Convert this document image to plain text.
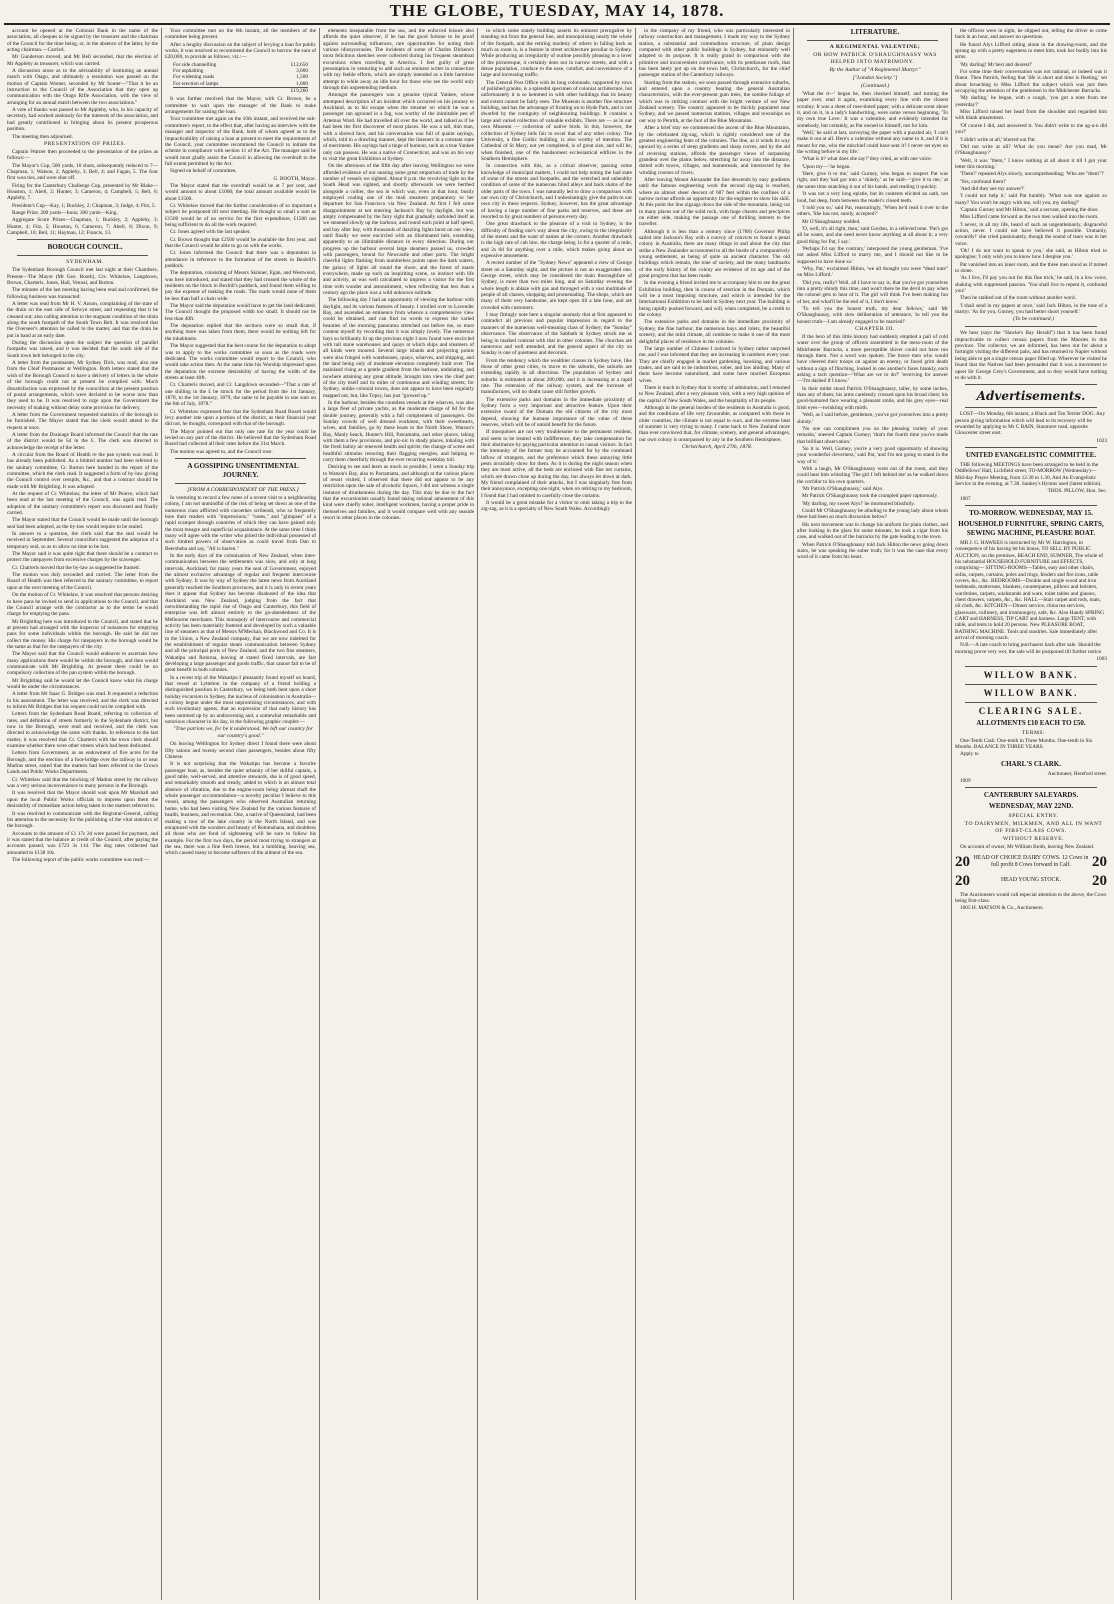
THE GLOBE, TUESDAY, MAY 14, 1878.

account be opened at the Colonial Bank in the name of the association, all cheques to be signed by the treasurer and the chairman of the Council for the time being, or, in the absence of the latter, by the acting chairman.—Carried.

Mr Gunderson moved, and Mr Bell seconded, that the election of Mr Appleby as treasurer, which was carried.

A discussion arose as to the advisability of instituting an annual match with Otago, and ultimately a resolution was passed on the motion of Captain Warner, seconded by Mr Souter—"That it be an instruction to the Council of the Association that they open up communication with the Otago Rifle Association, with the view of arranging for an annual match between the two associations."

A vote of thanks was passed to Mr Appleby, who, in his capacity of secretary, had worked zealously for the interests of the association, and had greatly contributed in bringing about its present prosperous position.

The meeting then adjourned.

PRESENTATION OF PRIZES.

Captain Warner then proceeded to the presentation of the prizes as follows:—

The Mayor's Cup, 500 yards, 10 shots, subsequently reduced to 7—Chapman, 1; Watson, 2; Appleby, 3; Bell, 4; and Fagan, 5. The four first won ties, and were shot off.

Firing for the Canterbury Challenge Cup, presented by Mr Blake—Houston, 1; Abell, 2; Hunter, 3; Cameron, 4; Campbell, 5; Bell, 6; Appleby, 7.

President's Cup—Kay, 1; Buckley, 2; Chapman, 3; Judge, 4; Fitz, 5.

Range Prize, 200 yards—Innis; 300 yards—King.

Aggregate Score Prizes—Chapman, 1; Buckley, 2; Appleby, 3; Hunter, 4; Fitz, 5; Houston, 6; Cameron, 7; Abell, 8; Dixon, 9; Campbell, 10; Bell, 11; Hayman, 12; Francis, 13.

BOROUGH COUNCIL.

SYDENHAM.

The Sydenham Borough Council met last night at their Chambers. Present—The Mayor (Mr Geo. Booth), Crs. Whitelaw, Langdown, Brown, Charteris, Jones, Hall, Vennal, and Burton.

The minutes of the last meeting having been read and confirmed, the following business was transacted:

A letter was read from Mr H. V. Anson, complaining of the state of the drain on the east side of Selwyn street, and requesting that it be cleaned out; also calling attention to the stagnant condition of the drain along the south footpath of the South Town Belt. It was resolved that the Overseer's attention be called to the matter, and that the drain be put in hand at an early date.

During the discussion upon the subject the question of parallel footpaths was raised, and it was decided that the south side of the South town belt belonged to the city.

A letter from the postmaster, Mr Sydney Dick, was read, also one from the Chief Postmaster at Wellington. Both letters stated that the wish of the Borough Council to have a delivery of letters in the whole of the borough could not at present be complied with. Much dissatisfaction was expressed by the councillors at the present position of postal arrangements, which were declared to be worse now than they used to be. It was resolved to urge upon the Government the necessity of making without delay some provision for delivery.

A letter from the Government requested statistics of the borough to be furnished. The Mayor stated that the clerk would attend to the request at once.

A letter from the Drainage Board informed the Council that the rate of the district would be 5d in the £. The clerk was directed to acknowledge the receipt of the letter.

A circular from the Board of Health re the pan system was read. It has already been published. As a limited number had been referred to the sanitary committee, Cr. Burton here handed in the report of the committee, which the clerk read. It suggested a form of by-law giving the Council control over cesspits, &c., and that a contract should be made with Mr Brightling. It was adopted.

At the request of Cr. Whitelaw, the letter of Mr Pearce, which had been read at the last meeting of the Council, was again read. The adoption of the sanitary committee's report was discussed and finally carried.

The Mayor stated that the Council would be made until the borough seal had been adopted, as the by-law would require to be sealed.

In answer to a question, the clerk said that the seal would be received in September. Several councillors suggested the adoption of a temporary seal, so as to allow no time to be lost.

The Mayor said it was quite right that there should be a contract to protect the ratepayers from excessive charges by the scavenger.

Cr. Charteris moved that the by-law as suggested be framed.

The motion was duly seconded and carried. The letter from the Board of Health was then referred to the sanitary committee, to report upon at the next meeting of the Council.

On the motion of Cr. Whitelaw, it was resolved that persons desiring to have pans be invited to send in applications to the Council, and that the Council arrange with the contractor as to the terms he would charge for emptying the pans.

Mr Brightling here was introduced to the Council, and stated that he at present had arranged with the inspector of nuisances for emptying pans for some individuals within the borough. He said he did not collect the money. His charge for ratepayers in the borough would be the same as that for the ratepayers of the city.

The Mayor said that the Council would endeavor to ascertain how many applications there would be within the borough, and then would communicate with Mr Brightling. At present there could be no compulsory collection of the pan system within the borough.

Mr Brightling said he would let the Council know what his charge would be under the circumstances.

A letter from Mr Isaac G. Bridges was read. It requested a reduction in his assessment. The letter was received, and the clerk was directed to inform Mr Bridges that his request could not be complied with.

Letters from the Sydenham Road Board, referring to collection of rates, and definition of streets formerly in the Sydenham district, but now in the Borough, were read and received, and the clerk was directed to acknowledge the same with thanks. In reference to the last matter, it was resolved that Cr. Charteris with the town clerk should examine whether there were other streets which had been dedicated.

Letters from Government, as an endowment of five acres for the Borough, and the erection of a foot-bridge over the railway in or near Madras street, stated that the matters had been referred to the Crown Lands and Public Works Departments.

Cr. Whitelaw said that the blocking of Madras street by the railway was a very serious inconvenience to many persons in the Borough.

It was resolved that the Mayor should wait upon Mr Marshall and upon the local Public Works officials to impress upon them the desirability of immediate action being taken in the matters referred to.

It was resolved to communicate with the Registrar-General, calling his attention to the necessity for the publishing of the vital statistics of the borough.

Accounts to the amount of £1 17s 2d were passed for payment, and it was stated that the balance at credit of the Council, after paying the accounts passed, was £723 3s 11d. The dog rates collected had amounted to £138 10s.

The following report of the public works committee was read:—

Your committee met on the 6th instant, all the members of the committee being present.

After a lengthy discussion on the subject of levying a loan for public works, it was resolved to recommend the Council to borrow the sum of £20,000, to provide as follows, viz.:—

For side channelling	£12,650
For asphalting	3,000
For widening roads	1,500
For erection of lamps	1,000
£19,260

It was further resolved that the Mayor, with Cr. Brown, be a committee to wait upon the manager of the Bank to make arrangements for raising the loan.

Your committee met again on the 10th instant, and received the sub-committee's report, to the effect that, after having an interview with the manager and inspector of the Bank, both of whom agreed as to the impracticability of raising a loan at present to meet the requirements of the Council, your committee recommend the Council to initiate the scheme in compliance with section 11 of the Act. The manager said he would most gladly assist the Council in allowing the overdraft to the full extent permitted by the Act.

Signed on behalf of committee,

G. BOOTH, Mayor.

The Mayor stated that the overdraft would be at 7 per cent, and would amount to about £1000; the total amount available would be about £1500.

Cr. Whitelaw moved that the further consideration of so important a subject be postponed till next meeting. He thought so small a sum as £1500 would be of no service for the first expenditure, £1500 not being sufficient to do all the work required.

Cr. Jones agreed with the last speaker.

Cr. Brown thought that £2500 would be available the first year, and that the Council would be able to go on with the works.

Cr. Jones informed the Council that there was a deputation in attendance in reference to the formation of the streets in Bealeill's paddock.

The deputation, consisting of Messrs Skinner, Egan, and Westwood, was here introduced, and stated that they had crossed the whole of the residents on the block in Bexhill's paddock, and found them willing to pay the expense of making the roads. The roads would none of them be less than half a chain wide.

The Mayor said the deputation would have to get the land dedicated. The Council thought the proposed width too small. It should not be less than 40ft.

The deputation replied that the sections were so small that, if anything more was taken from them, there would be nothing left for the inhabitants.

The Mayor suggested that the best course for the deputation to adopt was to apply to the works committee so soon as the roads were dedicated. The works committee would report to the Council, who would take action then. At the same time his Worship impressed upon the deputation the extreme desirability of having the width of the streets at least 40ft.

Cr. Charteris moved, and Cr. Langdown seconded—"That a rate of one shilling in the £ be struck for the period from the 1st January, 1878, to the 1st January, 1879, the same to be payable in one sum on the 6th of July, 1878."

Cr. Whitelaw expressed fear that the Sydenham Road Board would levy another rate upon a portion of the district, as their financial year did not, he thought, correspond with that of the borough.

The Mayor pointed out that only one rate for the year could be levied on any part of the district. He believed that the Sydenham Road Board had collected all their rates before the 31st March.

The motion was agreed to, and the Council rose.

A GOSSIPING UNSENTIMENTAL JOURNEY.

[FROM A CORRESPONDENT OF THE PRESS.]

In venturing to record a few notes of a recent visit to a neighbouring colony, I am not unmindful of the risk of being set down as one of the numerous class afflicted with cacoethes scribendi, who so frequently bore their readers with "impressions," "notes," and "glimpses" of a rapid scamper through countries of which they can have gained only the most meagre and superficial acquaintance. At the same time I think many will agree with the writer who pitied the individual possessed of such limited powers of observation as could travel from Dan to Beersheba and say, "All is barren."

In the early days of the colonisation of New Zealand, when inter-communication between the settlements was slow, and only at long intervals, Auckland, for many years the seat of Government, enjoyed the almost exclusive advantage of regular and frequent intercourse with Sydney. It was by way of Sydney the latest news from Auckland generally reached the Southern provinces, and it is only in recent years does it appear that Sydney has become disabused of the idea that Auckland was New Zealand, judging from the fact that notwithstanding the rapid rise of Otago and Canterbury, this field of enterprise was left almost entirely to the go-aheadedness of the Melbourne merchants. This monopoly of intercourse and commercial activity has been materially fostered and developed by such a valuable line of steamers as that of Messrs M'Meckan, Blackwood and Co. It is to the Union, a New Zealand company, that we are now indebted for the establishment of regular steam communication between Sydney and all the principal ports of New Zealand, and the two fine steamers, Wakatipu and Rotorua, leaving at stated fixed intervals, are fast developing a large passenger and goods traffic, that cannot fail to be of great benefit to both colonies.

In a recent trip of the Wakatipu I pleasantly found myself on board, that vessel at Lyttelton in the company of a friend holding a distinguished position in Canterbury, we being both bent upon a short holiday excursion to Sydney, the nucleus of colonisation in Australia—a colony begun under the most unpromising circumstances, and with such involuntary agents, that an expression of that early history has been summed up by an undiscerning and, a somewhat remarkable and notorious character in his day, in the following graphic couplet:—

"True patriots we, for be it understood, We left our country for our country's good."

On leaving Wellington for Sydney direct I found there were about fifty saloon and twenty second class passengers, besides about fifty Chinese.

It is not surprising that the Wakatipu has become a favorite passenger boat, as, besides the quiet urbanity of her skilful captain, a good table, well-served, and attentive stewards, she is of good speed, and remarkably smooth and steady, added to which is an almost total absence of vibration, due to the engine-room being abreast shaft the whole passenger accommodation—a novelty peculiar I believe to this vessel, among the passengers who observed Australian returning home, who had been visiting New Zealand for the various features of health, business, and recreation. One, a native of Queensland, had been making a tour of the lake country in the North Island, and was enraptured with the wonders and beauty of Rotomahana, and doubtless all those who are fond of sightseeing will be sure to follow his example. For the first two days, the period most trying to strangers at the sea, there was a fine fresh breeze, but a tumbling, heaving sea, which caused many to become sufferers of the ailment of the sea.

elements inseparable from the sea, and the enforced leisure also affords the quiet observer, if he has the good fortune to be proof against surrounding influences, rare opportunities for noting their various idiosyncrasies. The incidents of some of Charles Dickens's most felicitous sketches were collected during his frequent steamboat excursions when travelling in America. I feel guilty of great presumption in venturing to add such an eminent writer in connection with my feeble efforts, which are simply intended as a little harmless attempt to while away an idle hour for those who see the world only through this unpretending medium.

Amongst the passengers was a genuine typical Yankee, whose attempted description of an incident which occurred on his journey to Auckland, as to his escape when the steamer on which he was a passenger ran aground in a fog, was worthy of the inimitable pen of Artemus Ward. He had travelled all over the world, and talked as if he had been the first discoverer of most places. He was a tall, thin man, with a shrewd face, and his conversation was full of quaint sayings, which, told in a drawling manner, kept the listeners in a constant state of merriment. His sayings had a tinge of humour, such as a true Yankee only can possess. He was a native of Connecticut, and was on his way to visit the great Exhibition at Sydney.

On the afternoon of the fifth day after leaving Wellington we were afforded evidence of our nearing some great emporium of trade by the number of vessels we sighted. About 8 p.m. the revolving light on the South Head was sighted, and shortly afterwards we were berthed alongside a collier, the sea in which was, even at that hour, busily employed coaling one of the mail steamers preparatory to her departure for San Francisco via New Zealand. At first I felt some disappointment at not entering Jackson's Bay by daylight, but was amply compensated by the fairy sight that gradually unfolded itself as we steamed slowly up the harbour, and round each point at half speed, and bay after bay, with thousands of dazzling lights burst on our view, until finally we were encircled with an illuminated belt, extending apparently to an illimitable distance in every direction. During our progress up the harbour several large steamers passed us, crowded with passengers, bound for Newcastle and other ports. The bright cheerful lights flashing from numberless points upon the dark waters, the galaxy of lights all round the shore, and the forest of masts everywhere, made up such an inspiriting scene, so instinct with life and activity, as was well calculated to impress a visitor for the first time with wonder and astonishment, when reflecting that less than a century ago the place was a wild unknown solitude.

The following day I had an opportunity of viewing the harbour with daylight, and its various features of beauty. I strolled over to Lavender Bay, and ascended an eminence from whence a comprehensive view could be obtained, and can find no words to express the varied beauties of the morning panorama stretched out before me, so must content myself by recording that it was simply lovely. The numerous bays so brilliantly lit up the previous night I now found were encircled with tall stone warehouses and quays at which ships and steamers of all kinds were moored. Several large islands and projecting points were also fringed with warehouses, quays, wharves, and shipping, and the land being only of moderate elevation completely built over. The mainland rising at a gentle gradient from the harbour, undulating, and nowhere attaining any great altitude, brought into view the chief part of the city itself and its miles of continuous and winding streets; for Sydney, unlike colonial towns, does not appear to have been regularly mapped out, but, like Topsy, has just "growed up."

In the harbour, besides the countless vessels at the wharves, was also a large fleet of private yachts, as the moderate charge of 6d for the double journey, generally with a full complement of passengers. On Sunday crowds of well dressed workmen, with their sweethearts, wives, and families, go by these boats to the North Shore, Watson's Bay, Manly beach, Hunter's Hill, Parramatta, and other places, taking with them a few provisions, and pic-nic in shady places, inhaling with the fresh balmy air renewed health and spirits; the change of scene and healthful stimulus restoring their flagging energies, and helping to carry them cheerfully through the ever recurring weekday toil.

Desiring to see and learn as much as possible, I went a Sunday trip to Watson's Bay, also to Parramatta, and although at the various places of resort visited, I observed that there did not appear to be any restriction upon the sale of alcoholic liquors, I did not witness a single instance of drunkenness during the day. This may be due to the fact that the excursionists usually found taking rational amusement of this kind were chiefly sober, intelligent workmen, having a proper pride in themselves and families, and it would compare well with any seaside resort in other places in the colonies.

in which some stately building asserts its eminent prerogative by standing out from the general line, and monopolising nearly the whole of the footpath, and the retiring modesty of others in falling back as much as room is, is a feature in street architecture peculiar to Sydney. While producing an irregularity of outline possibly pleasing to a lover of the picturesque, it certainly does not in narrow streets, and with a dense population, conduce to the ease, comfort, and convenience of a large and increasing traffic.

The General Post Office with its long colonnade, supported by rows of polished granite, is a splendid specimen of colonial architecture, but unfortunately it is so hemmed in with other buildings that its beauty and extent cannot be fairly seen. The Museum is another fine structure building, and has the advantage of fronting on to Hyde Park, and is not dwarfed by the contiguity of neighbouring buildings. It contains a large and varied collection of valuable exhibits. There are — as in our own Museum — collection of native birds. In this, however, the collection of Sydney bids fair to excel that of any other colony. The University, a fine Gothic building, is also worthy of mention. The Cathedral of St Mary, not yet completed, is of great size, and will be, when finished, one of the handsomest ecclesiastical edifices in the Southern Hemisphere.

In connection with this, as a critical observer, passing some knowledge of municipal matters, I could not help noting the bad state of some of the streets and footpaths, and the wretched and unhealthy condition of some of the numerous blind alleys and back slums of the older parts of the town. I was naturally led to draw a comparison with our own city of Christchurch, and I unhesitatingly give the palm to our own city in these respects. Sydney, however, has the great advantage of having a large number of fine parks and reserves, and these are resorted to by great numbers of persons every day.

One great drawback to the pleasure of a visit to Sydney, is the difficulty of finding one's way about the city, owing to the irregularity of the streets and the want of names at the corners. Another drawback is the high rate of cab hire, the charge being 1s for a quarter of a mile, and 2s 6d for anything over a mile, which makes going about an expensive amusement.

A recent number of the "Sydney News" appeared a view of George street on a Saturday night, and the picture is not an exaggerated one. George street, which may be considered the main thoroughfare of Sydney, is more than two miles long, and on Saturday evening the whole length is ablaze with gas and thronged with a vast multitude of people of all classes, shopping and promenading. The shops, which are many of them very handsome, are kept open till a late hour, and are crowded with customers.

I may fittingly note here a singular anomaly that at first appeared to contradict all previous and popular impression in regard to the manners of the numerous well-meaning class of Sydney, the "Sunday" observance. The observance of the Sabbath in Sydney struck me as being in marked contrast with that in other colonies. The churches are numerous and well attended, and the general aspect of the city on Sunday is one of quietness and decorum.

From the tendency which the wealthier classes in Sydney have, like those of other great cities, to move to the suburbs, the suburbs are extending rapidly in all directions. The population of Sydney and suburbs is estimated at about 200,000, and it is increasing at a rapid rate. The extension of the railway system, and the increase of manufactures, will no doubt cause still further growth.

The extensive parks and domains in the immediate proximity of Sydney form a very important and attractive feature. Upon their extensive sward of the Domain the old citizens of the city most depend, showing the humane importance of the value of these reserves, which will be of untold benefit for the future.

If mosquitoes are not very troublesome to the permanent resident, and seem to be treated with indifference, they take compensation for their abstinence by paying particular attention to casual visitors. In fact the immunity of the former may be accounted for by the continued inflow of strangers, and the preference which these annoying little pests invariably show for them. As it is during the night season when they are most active, all the beds are enclosed with fine net curtains, which are drawn close up during the day, but always let down at dark. My friend complained of their attacks, but I was singularly free from their annoyance, excepting one night, when on retiring to my bedroom, I found that I had omitted to carefully close the curtains.

It would be a great mistake for a visitor to omit taking a trip to the zig-zag, as it is a specialty of New South Wales. Accordingly

in the company of my friend, who was particularly interested in railway construction and management, I made my way to the Sydney station, a substantial and commodious structure, of plain design compared with other public buildings in Sydney, but eminently well adapted to its purpose. It is really grand in comparison with the primitive and inconvenient contrivance, with its penthouse roofs, that has been lately put up on the town belt, Christchurch, for the chief passenger station of the Canterbury railways.

Starting from the station, we soon passed through extensive suburbs, and entered upon a country bearing the general Australian characteristics, with the ever-present gum trees, the sombre foliage of which was in striking contrast with the bright verdure of our New Zealand scenery. The country appeared to be thickly populated near Sydney, and we passed numerous stations, villages and townships on our way to Penrith, at the foot of the Blue Mountains.

After a brief stay we commenced the ascent of the Blue Mountains, by the celebrated zig-zag, which is rightly considered one of the greatest engineering feats of the colonies. The line, as it winds its way upward by a series of steep gradients and sharp curves, and by the aid of reversing stations, affords the passenger views of surpassing grandeur over the plains below, stretching far away into the distance, dotted with towns, villages, and homesteads, and intersected by the winding courses of rivers.

After leaving Mount Alexander the line descends by easy gradients until the famous engineering work the second zig-zag is reached, where an almost sheer descent of 687 feet within the confines of a narrow ravine affords an opportunity for the engineer to show his skill. At this point the line zigzags down the side of the mountain, being cut in many places out of the solid rock, with huge chasms and precipices on either side, making the passage one of thrilling interest to the traveller.

Although it is less than a century since (1788) Governor Philip sailed into Jackson's Bay with a convoy of convicts to found a penal colony in Australia, there are many things in and about the city that strike a New Zealander accustomed to all the bustle of a comparatively young settlement, as being of quite an ancient character. The old buildings which remain, the tone of society, and the many landmarks of the early history of the colony are evidence of its age and of the great progress that has been made.

In the evening a friend invited me to accompany him to see the great Exhibition building, then in course of erection in the Domain, which will be a most imposing structure, and which is intended for the International Exhibition to be held in Sydney next year. The building is being rapidly pushed forward, and will, when completed, be a credit to the colony.

The extensive parks and domains in the immediate proximity of Sydney, the fine harbour, the numerous bays and inlets, the beautiful scenery, and the mild climate, all combine to make it one of the most delightful places of residence in the colonies.

The large number of Chinese I noticed in Sydney rather surprised me, and I was informed that they are increasing in numbers every year. They are chiefly engaged in market gardening, hawking, and various trades, and are said to be industrious, sober, and law abiding. Many of them have become naturalised, and some have married European wives.

There is much in Sydney that is worthy of admiration, and I returned to New Zealand, after a very pleasant visit, with a very high opinion of the capital of New South Wales, and the hospitality of its people.

Although in the general burden of the residents in Australia is good, and the conditions of life very favourable, as compared with those in older countries, the climate is not equal to ours, and the extreme heat of summer is very trying to many. I came back to New Zealand more than ever convinced that, for climate, scenery, and general advantages, our own colony is unsurpassed by any in the Southern Hemisphere.

Christchurch, April 27th, 1878.

LITERATURE.

A REGIMENTAL VALENTINE;

OR HOW PATRICK O'SHAUGHNASSY WAS HELPED INTO MATRIMONY.

By the Author of "A Regimental Martyr."

["London Society."]

(Continued.)

'What the d—' began he, then checked himself, and turning the paper over, read it again, examining every line with the closest scrutiny. It was a sheet of rose-tinted paper, with a delicate scent about it, and on it, in a lady's handwriting, were some verses beginning, 'To my own true Love.' It was a valentine, and evidently intended for somebody, but certainly, as Pat owned to himself, not for him.

'Well,' he said at last, surveying the paper with a puzzled air, 'I can't make it out at all. Here's a valentine without any name to it, and if it is meant for me, who the mischief could have sent it? I never set eyes on the writing before in my life.'

'What is it? what does she say?' they cried, as with one voice.

'Upon my—' he began.

'Here, give it to me,' said Gurney, who began to suspect Pat was right, and they had got into a ‘shindy,’ as he said—‘give it to me,’ at the same time snatching it out of his hands, and reading it quickly.

'It was not a very long epistle, but its contents elicited an oath, not loud, but deep, from between the reader's closed teeth.

'I told you so,' said Pat, reassuringly, 'When he'd read it over to the others, 'She has not, surely, accepted?'

Mr O'Shaughnassy nodded.

'O, well, it's all right, then,' said Gordon, in a relieved tone. 'Pat's got all he wants, and she need never know anything at all about it; a very good thing for Pat, I say.'

'Perhaps I'd say the contrary,' interposed the young gentleman. 'I've not asked Miss Lifford to marry me, and I should not like to be supposed to have done so.'

'Why, Pat,' exclaimed Hilton, 'we all thought you were “dead nuts” on Miss Lifford.'

'Did you, really? Well, all I have to say is, that you've got yourselves into a pretty shindy this time, and won't there be the devil to pay when the colonel gets to hear of it. The girl will think I've been making fun of her, and what'll be the end of it, I don't know.'

'To tell you the honest truth, my dear fellows,' said Mr O'Shaughnassy, with slow deliberation of utterance, 'to tell you the honest truth—I am already engaged to be married!'

CHAPTER III.

If the hero of this little history had suddenly emptied a pail of cold water over the group of officers assembled in the mess-room of the Midchester Barracks, a more perceptible shiver could not have run through them. Not a word was spoken. The brave men who would have cheered their troops on against an enemy, or faced grim death without a sign of flinching, looked in one another's faces blankly, each asking a tacit question—'What are we to do?' 'receiving for answer—'I'm dashed if I know.'

In their midst stood Patrick O'Shaughnassy, taller, by some inches, than any of them; his arms carelessly crossed upon his broad chest; his good-humored face wearing a pleasant smile, and his grey eyes—real Irish eyes—twinkling with mirth.

'Well, as I said before, gentlemen, you've got yourselves into a pretty shindy.'

'No one can compliment you on the pleasing variety of your remarks,' sneered Captain Gurney; 'that's the fourth time you've made that brilliant observation.'

'So it is. Well, Gurney, you're a very good opportunity of showing your wonderful cleverness,' said Pat, 'and I'm not going to stand in the way of it.'

With a laugh, Mr O'Shaughnassy went out of the room, and they could hear him whistling 'The girl I left behind me' as he walked down the corridor to his own quarters.

'Mr Patrick O'Shaughnassy,' said Alys.

Mr Patrick O'Shaughnassy took the crumpled paper rapturously.

'My darling, my sweet Alys!' he murmured blissfully.

Could Mr O'Shaughnassy be alluding to the young lady about whom there had been so much discussion below?

His next movement was to change his uniform for plain clothes, and after looking in the glass for some minutes, he took a cigar from his case, and walked out of the barracks by the gate leading to the town.

When Patrick O'Shaughnassy told Jack Hilton the news going down stairs, he was speaking the sober truth; for it was the case that every word of it came from his heart.

the officers were in sight, he slipped out, telling the driver to come back in an hour, and answer no questions.

He found Alys Lifford sitting alone in the drawing-room, and she sprang up with a pretty eagerness to meet him, took her bodily into his arms.

'My darling! Mr best and dearest!'

For some time their conversation was not rational, or indeed was it fluent. Then Patrick, feeling that 'life is short and time is fleeting,' set about broaching to Miss Lifford the subject which was just then occupying the attention of the gentlemen in the Midchester Barracks.

'My darling,' he began, with a cough, 'you got a note from me yesterday?'

Miss Lifford raised her head from the shoulder and regarded him with blank amazement.

'Of course I did, and answered it. You didn't write to me ag-a-n did you?'

'I didn't write at all,' blurted out Pat.

'Did not write at all? What do you mean? Are you mad, Mr O'Shaughnassy?'

'Well, it was "them," I know nothing at all about it till I got your letter this morning.'

'Them?' repeated Alys slowly, uncomprehending; 'Who are "them"?'

'Yes, confound them!'

'And did they see my answer?'

'I could not help it,' said Pat humbly. 'What was one against so many? You won't be angry with me, will you, my darling?'

'Captain Gurney and Mr Hilton,' said a servant, opening the door.

Miss Lifford came forward as the two men walked into the room.

'I never, in all my life, heard of such an ungentlemanly, disgraceful action, never. I could not have believed it possible. Unmanly, cowardly!' she cried passionately, though the sound of tears was in her voice.

'Oh! I do not want to speak to you,' she said, as Hilton tried to apologise; 'I only wish you to know how I despise you.'

Pat vanished into an inner room, and the three men stood as if turned to stone.

'As I live, I'll pay you out for this fine trick,' he said, in a low voice, shaking with suppressed passion. 'You shall live to repent it, confound you!'

Then he stalked out of the room without another word.

'I shall send in my papers at once,' said Jack Hilton, in the tone of a martyr. 'As for you, Gurney, you had better shoot yourself.'

(To be continued.)

We hear (says the "Hawke's Bay Herald") that it has been found impracticable to collect census papers from the Maories in this province. The collector, we are informed, has been out for about a fortnight visiting the different pahs, and has returned to Napier without being able to get a single census paper filled up. Wherever he visited he found that the Natives had been persuaded that it was a movement to upset Sir George Grey's Government, and so they would have nothing to do with it.

Advertisements.

LOST—On Monday, 6th instant, a Black and Tan Terrier DOG. Any person giving information which will lead to its recovery will be rewarded by applying to Mr C BAIN, Stanmore road, opposite Gloucester street east.

1023

UNITED EVANGELISTIC COMMITTEE.

THE following MEETINGS have been arranged to be held in the Oddfellows' Hall, Lichfield street, TO-MORROW (Wednesday)— Mid-day Prayer Meeting, from 12.30 to 1.30, And An Evangelistic Service in the evening, at 7.30. Sankey's Hymns used (latest edition).

THOS. PILLOW, Hon. Sec.

1007

TO-MORROW. WEDNESDAY, MAY 15.
HOUSEHOLD FURNITURE, SPRING CARTS, SEWING MACHINE, PLEASURE BOAT.

MR J. G. HAWKES is instructed by Mr W. Harrington, in consequence of his having let his house, TO SELL BY PUBLIC AUCTION, on the premises, BEACH END, SUMNER, The whole of his substantial HOUSEHOLD FURNITURE and EFFECTS, comprising— SITTING-ROOMS—Tables, easy and other chairs, sofas, carpets, curtains, poles and rings, fenders and fire irons, table covers, &c., &c. BEDROOMS—Double and single wood and iron bedsteads, mattresses, blankets, counterpanes, pillows and bolsters, wardrobes, carpets, washstands and ware, toilet tables and glasses, chest drawers, carpets, &c., &c. HALL—Stair carpet and rods, mats, oil cloth, &c. KITCHEN—Dinner service, china tea services, glassware, cullinery, and ironmongery, safe, &c. Also Handy SPRING CART and HARNESS, TIP CART and harness. Large TENT, with table, and tents to hold 20 persons. New PLEASURE BOAT, BATHING MACHINE. Tools and sundries. Sale immediately after arrival of morning coach.

N.B.—A late coach to bring purchasers back after sale. Should the morning prove very wet, the sale will be postponed till further notice.

1003

WILLOW BANK.
WILLOW BANK.
CLEARING SALE.
ALLOTMENTS £10 EACH TO £50.

TERMS:

One-Tenth Cash. One-tenth in Three Months. One-tenth in Six Months. BALANCE IN THREE YEARS.

Apply to

CHARL'S CLARK.

Auctioneer, Hereford street.

1009

CANTERBURY SALEYARDS.
WEDNESDAY, MAY 22ND.

SPECIAL ENTRY.

TO DAIRYMEN, MILKMEN, AND ALL IN WANT OF FIRST-CLASS COWS.

WITHOUT RESERVE.

On account of owner, Mr William Keith, leaving New Zealand.

20 HEAD OF CHOICE DAIRY COWS. 12 Cows in full profit 8 Cows forward in Calf.	20
20	HEAD YOUNG STOCK.	20

The Auctioneers would call especial attention to the above, the Cows being first-class.

1005 H. MATSON & Co., Auctioneers.
